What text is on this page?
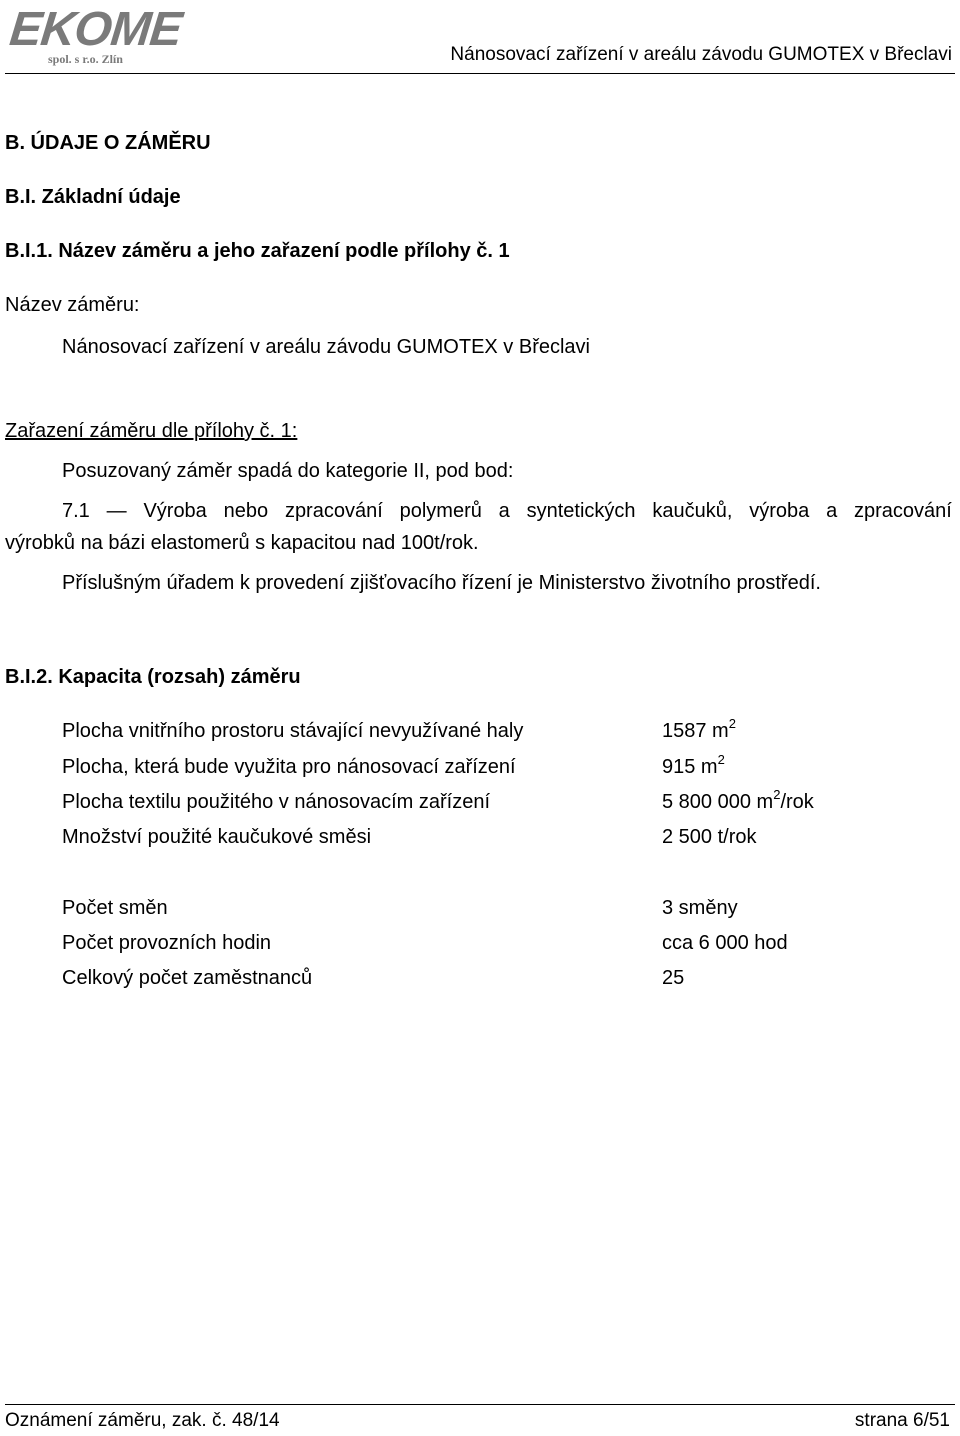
EKOME
spol. s r.o. Zlín	Nánosovací zařízení v areálu závodu GUMOTEX v Břeclavi
B. ÚDAJE O ZÁMĚRU
B.I. Základní údaje
B.I.1. Název záměru a jeho zařazení podle přílohy č. 1
Název záměru:
Nánosovací zařízení v areálu závodu GUMOTEX v Břeclavi
Zařazení záměru dle přílohy č. 1:
Posuzovaný záměr spadá do kategorie II, pod bod:
7.1 — Výroba nebo zpracování polymerů a syntetických kaučuků, výroba a zpracování
výrobků na bázi elastomerů s kapacitou nad 100t/rok.
Příslušným úřadem k provedení zjišťovacího řízení je Ministerstvo životního prostředí.
B.I.2. Kapacita (rozsah) záměru
Plocha vnitřního prostoru stávající nevyužívané haly	1587 $m^2$
Plocha, která bude využita pro nánosovací zařízení	915 $m^2$
Plocha textilu použitého v nánosovacím zařízení	5 800 000 $m^2$/rok
Množství použité kaučukové směsi	2 500 t/rok
Počet směn	3 směny
Počet provozních hodin	cca 6 000 hod
Celkový počet zaměstnanců	25
Oznámení záměru, zak. č. 48/14	strana 6/51
